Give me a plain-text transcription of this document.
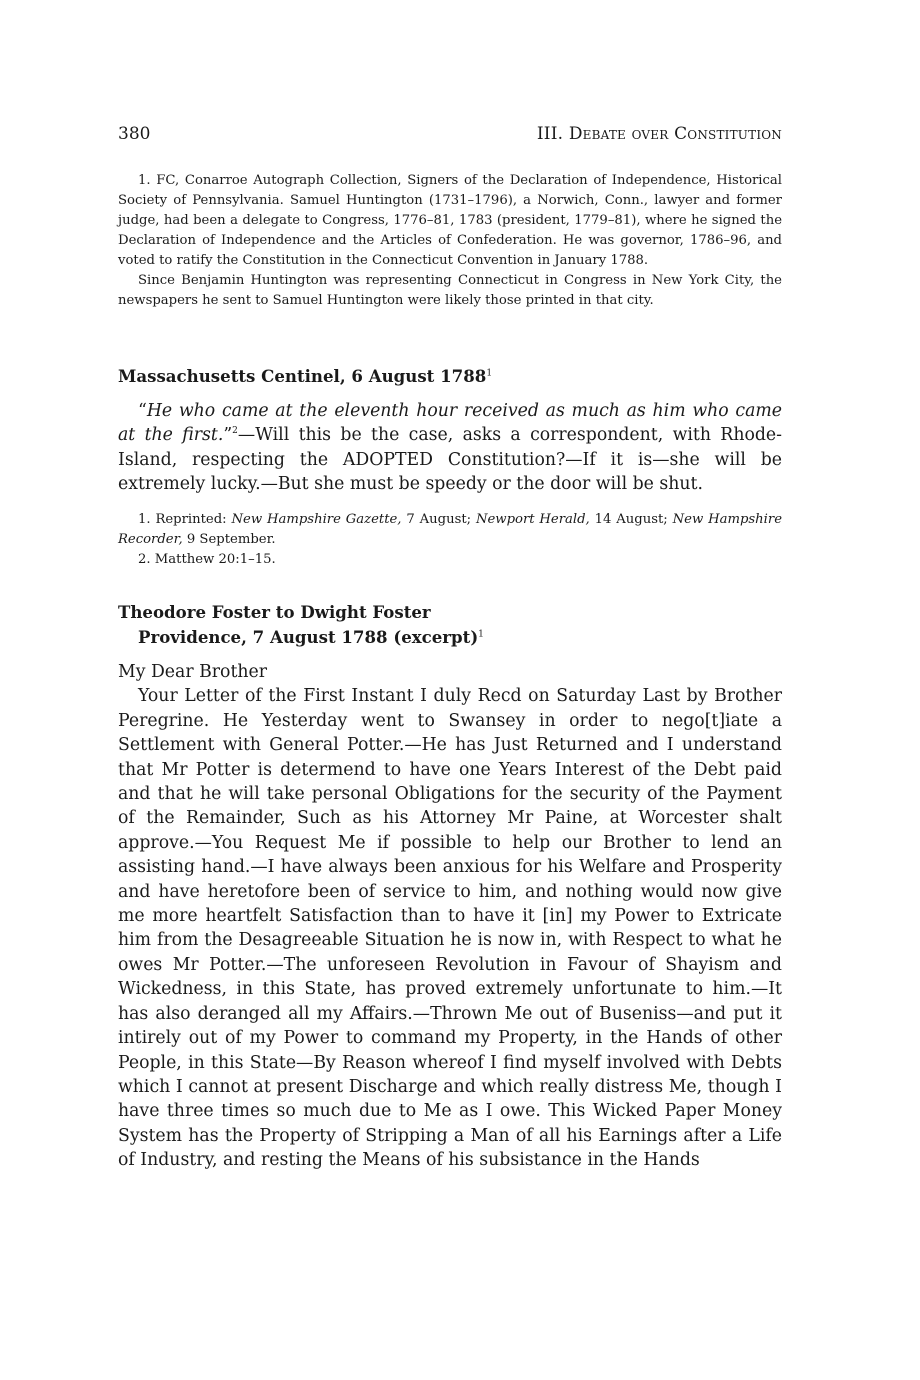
380	III. Debate over Constitution

1. FC, Conarroe Autograph Collection, Signers of the Declaration of Independence, Historical Society of Pennsylvania. Samuel Huntington (1731–1796), a Norwich, Conn., lawyer and former judge, had been a delegate to Congress, 1776–81, 1783 (president, 1779–81), where he signed the Declaration of Independence and the Articles of Confederation. He was governor, 1786–96, and voted to ratify the Constitution in the Connecticut Convention in January 1788.

Since Benjamin Huntington was representing Connecticut in Congress in New York City, the newspapers he sent to Samuel Huntington were likely those printed in that city.

Massachusetts Centinel, 6 August 1788$^1$

“He who came at the eleventh hour received as much as him who came at the first.”$^2$—Will this be the case, asks a correspondent, with Rhode-Island, respecting the ADOPTED Constitution?—If it is—she will be extremely lucky.—But she must be speedy or the door will be shut.

1. Reprinted: New Hampshire Gazette, 7 August; Newport Herald, 14 August; New Hampshire Recorder, 9 September.

2. Matthew 20:1–15.

Theodore Foster to Dwight Foster
Providence, 7 August 1788 (excerpt)$^1$

My Dear Brother

Your Letter of the First Instant I duly Recd on Saturday Last by Brother Peregrine. He Yesterday went to Swansey in order to nego[t]iate a Settlement with General Potter.—He has Just Returned and I understand that Mr Potter is determend to have one Years Interest of the Debt paid and that he will take personal Obligations for the security of the Payment of the Remainder, Such as his Attorney Mr Paine, at Worcester shalt approve.—You Request Me if possible to help our Brother to lend an assisting hand.—I have always been anxious for his Welfare and Prosperity and have heretofore been of service to him, and nothing would now give me more heartfelt Satisfaction than to have it [in] my Power to Extricate him from the Desagreeable Situation he is now in, with Respect to what he owes Mr Potter.—The unforeseen Revolution in Favour of Shayism and Wickedness, in this State, has proved extremely unfortunate to him.—It has also deranged all my Affairs.—Thrown Me out of Buseniss—and put it intirely out of my Power to command my Property, in the Hands of other People, in this State—By Reason whereof I find myself involved with Debts which I cannot at present Discharge and which really distress Me, though I have three times so much due to Me as I owe. This Wicked Paper Money System has the Property of Stripping a Man of all his Earnings after a Life of Industry, and resting the Means of his subsistance in the Hands
